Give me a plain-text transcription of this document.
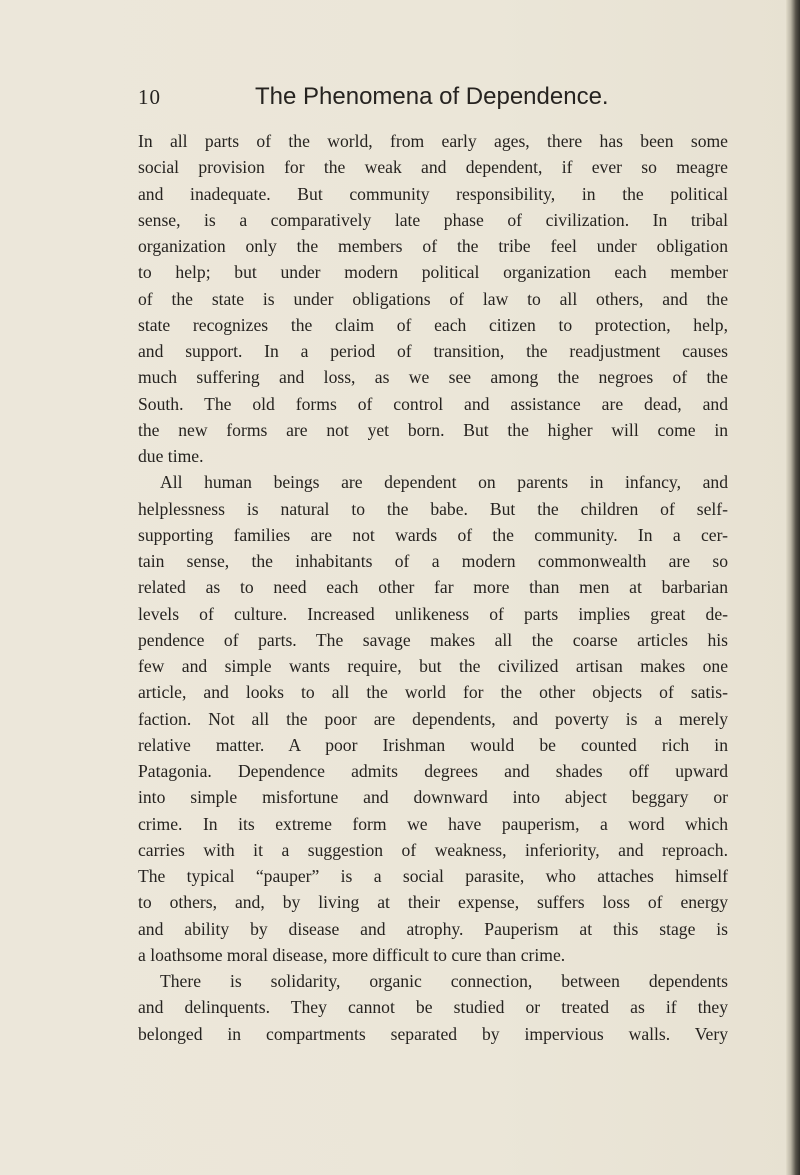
10	The Phenomena of Dependence.
In all parts of the world, from early ages, there has been some
social provision for the weak and dependent, if ever so meagre
and inadequate. But community responsibility, in the political
sense, is a comparatively late phase of civilization. In tribal
organization only the members of the tribe feel under obligation
to help; but under modern political organization each member
of the state is under obligations of law to all others, and the
state recognizes the claim of each citizen to protection, help,
and support. In a period of transition, the readjustment causes
much suffering and loss, as we see among the negroes of the
South. The old forms of control and assistance are dead, and
the new forms are not yet born. But the higher will come in
due time.
All human beings are dependent on parents in infancy, and
helplessness is natural to the babe. But the children of self-
supporting families are not wards of the community. In a cer-
tain sense, the inhabitants of a modern commonwealth are so
related as to need each other far more than men at barbarian
levels of culture. Increased unlikeness of parts implies great de-
pendence of parts. The savage makes all the coarse articles his
few and simple wants require, but the civilized artisan makes one
article, and looks to all the world for the other objects of satis-
faction. Not all the poor are dependents, and poverty is a merely
relative matter. A poor Irishman would be counted rich in
Patagonia. Dependence admits degrees and shades off upward
into simple misfortune and downward into abject beggary or
crime. In its extreme form we have pauperism, a word which
carries with it a suggestion of weakness, inferiority, and reproach.
The typical “pauper” is a social parasite, who attaches himself
to others, and, by living at their expense, suffers loss of energy
and ability by disease and atrophy. Pauperism at this stage is
a loathsome moral disease, more difficult to cure than crime.
There is solidarity, organic connection, between dependents
and delinquents. They cannot be studied or treated as if they
belonged in compartments separated by impervious walls. Very
